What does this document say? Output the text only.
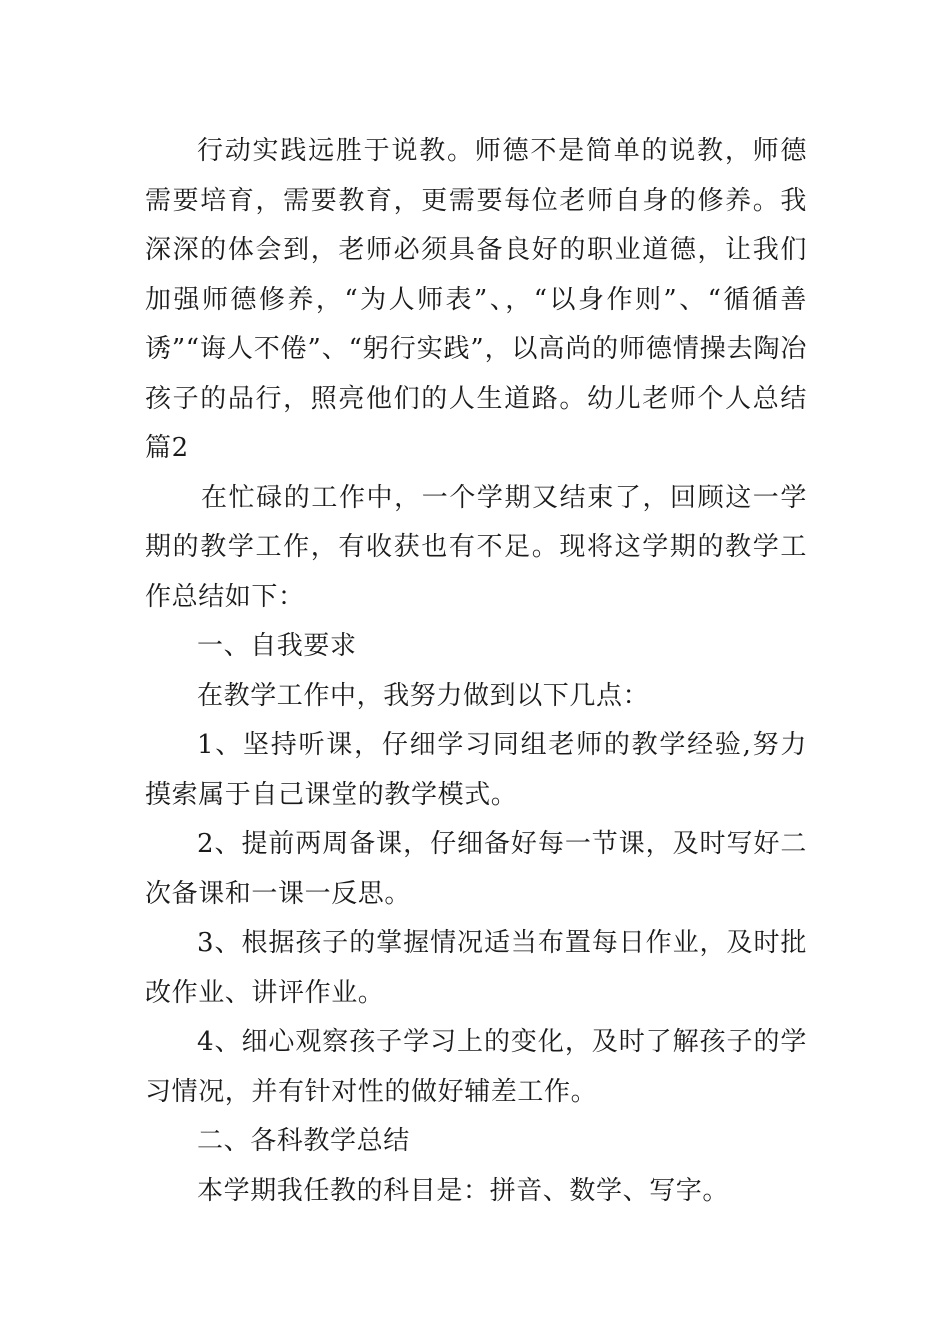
行动实践远胜于说教。师德不是简单的说教，师德需要培育，需要教育，更需要每位老师自身的修养。我深深的体会到，老师必须具备良好的职业道德，让我们加强师德修养，“为人师表”、，“以身作则”、“循循善诱”“诲人不倦”、“躬行实践”，以高尚的师德情操去陶冶孩子的品行，照亮他们的人生道路。幼儿老师个人总结 篇2

在忙碌的工作中，一个学期又结束了，回顾这一学期的教学工作，有收获也有不足。现将这学期的教学工作总结如下：

一、自我要求

在教学工作中，我努力做到以下几点：

1、坚持听课，仔细学习同组老师的教学经验,努力摸索属于自己课堂的教学模式。

2、提前两周备课，仔细备好每一节课，及时写好二次备课和一课一反思。

3、根据孩子的掌握情况适当布置每日作业，及时批改作业、讲评作业。

4、细心观察孩子学习上的变化，及时了解孩子的学习情况，并有针对性的做好辅差工作。

二、各科教学总结

本学期我任教的科目是：拼音、数学、写字。
